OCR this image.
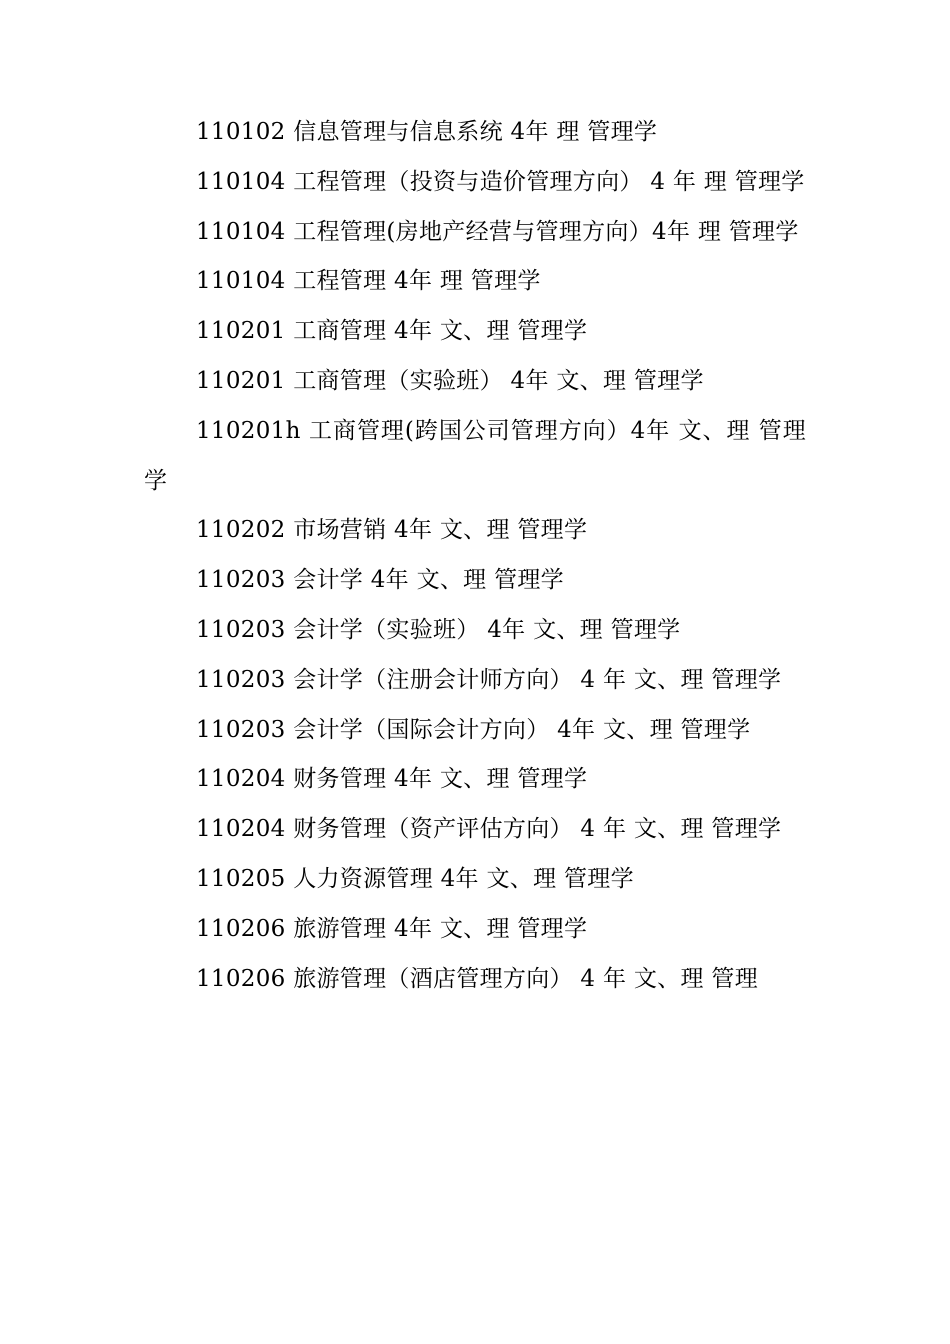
110102 信息管理与信息系统 4年 理 管理学

110104 工程管理（投资与造价管理方向） 4 年 理 管理学

110104 工程管理(房地产经营与管理方向）4年 理 管理学

110104 工程管理 4年 理 管理学

110201 工商管理 4年 文、理 管理学

110201 工商管理（实验班） 4年 文、理 管理学

110201h 工商管理(跨国公司管理方向）4年 文、理 管理学

110202 市场营销 4年 文、理 管理学

110203 会计学 4年 文、理 管理学

110203 会计学（实验班） 4年 文、理 管理学

110203 会计学（注册会计师方向） 4 年 文、理 管理学

110203 会计学（国际会计方向） 4年 文、理 管理学

110204 财务管理 4年 文、理 管理学

110204 财务管理（资产评估方向） 4 年 文、理 管理学

110205 人力资源管理 4年 文、理 管理学

110206 旅游管理 4年 文、理 管理学

110206 旅游管理（酒店管理方向） 4 年 文、理 管理
